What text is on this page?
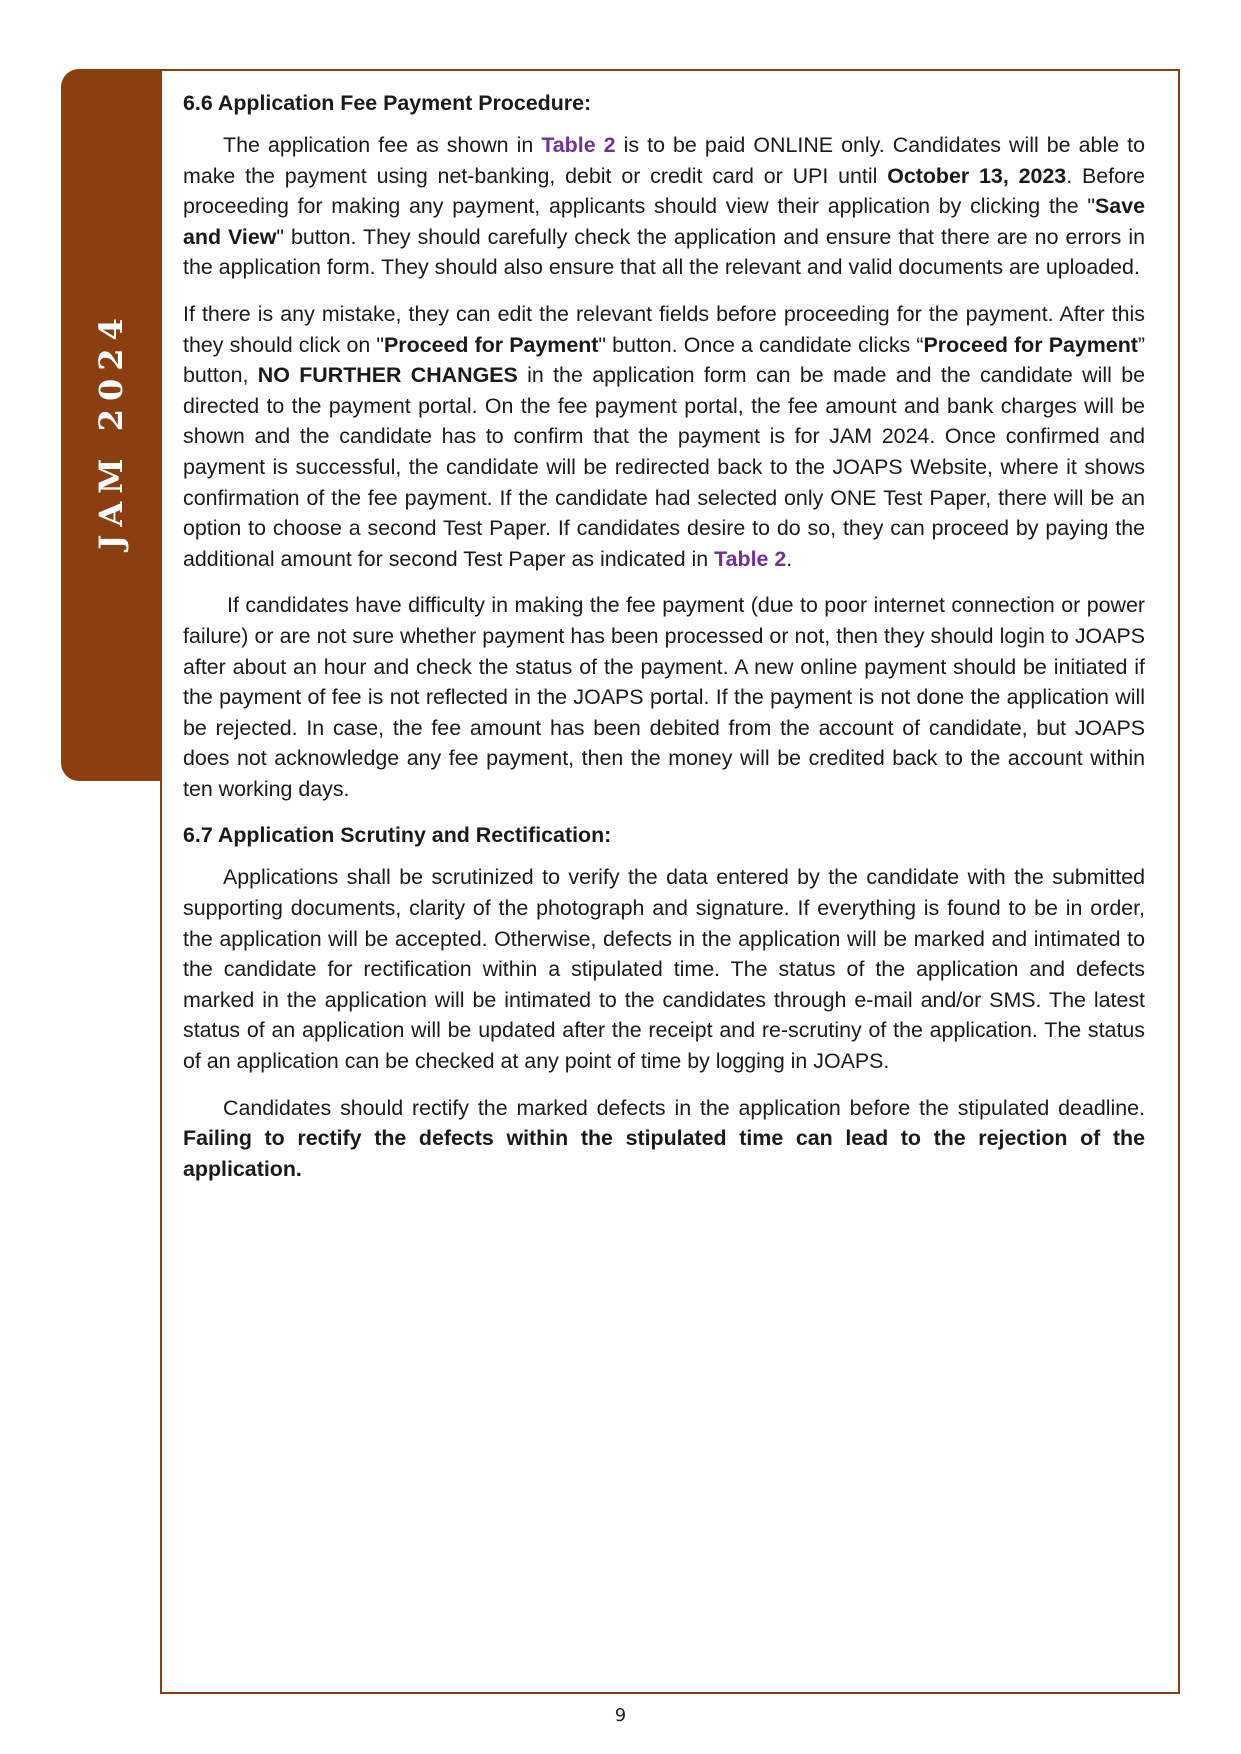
JAM 2024
6.6 Application Fee Payment Procedure:

The application fee as shown in Table 2 is to be paid ONLINE only. Candidates will be able to make the payment using net-banking, debit or credit card or UPI until October 13, 2023. Before proceeding for making any payment, applicants should view their application by clicking the "Save and View" button. They should carefully check the application and ensure that there are no errors in the application form. They should also ensure that all the relevant and valid documents are uploaded.

If there is any mistake, they can edit the relevant fields before proceeding for the payment. After this they should click on "Proceed for Payment" button. Once a candidate clicks “Proceed for Payment” button, NO FURTHER CHANGES in the application form can be made and the candidate will be directed to the payment portal. On the fee payment portal, the fee amount and bank charges will be shown and the candidate has to confirm that the payment is for JAM 2024. Once confirmed and payment is successful, the candidate will be redirected back to the JOAPS Website, where it shows confirmation of the fee payment. If the candidate had selected only ONE Test Paper, there will be an option to choose a second Test Paper. If candidates desire to do so, they can proceed by paying the additional amount for second Test Paper as indicated in Table 2.

If candidates have difficulty in making the fee payment (due to poor internet connection or power failure) or are not sure whether payment has been processed or not, then they should login to JOAPS after about an hour and check the status of the payment. A new online payment should be initiated if the payment of fee is not reflected in the JOAPS portal. If the payment is not done the application will be rejected. In case, the fee amount has been debited from the account of candidate, but JOAPS does not acknowledge any fee payment, then the money will be credited back to the account within ten working days.

6.7 Application Scrutiny and Rectification:

Applications shall be scrutinized to verify the data entered by the candidate with the submitted supporting documents, clarity of the photograph and signature. If everything is found to be in order, the application will be accepted. Otherwise, defects in the application will be marked and intimated to the candidate for rectification within a stipulated time. The status of the application and defects marked in the application will be intimated to the candidates through e-mail and/or SMS. The latest status of an application will be updated after the receipt and re-scrutiny of the application. The status of an application can be checked at any point of time by logging in JOAPS.

Candidates should rectify the marked defects in the application before the stipulated deadline. Failing to rectify the defects within the stipulated time can lead to the rejection of the application.

9
